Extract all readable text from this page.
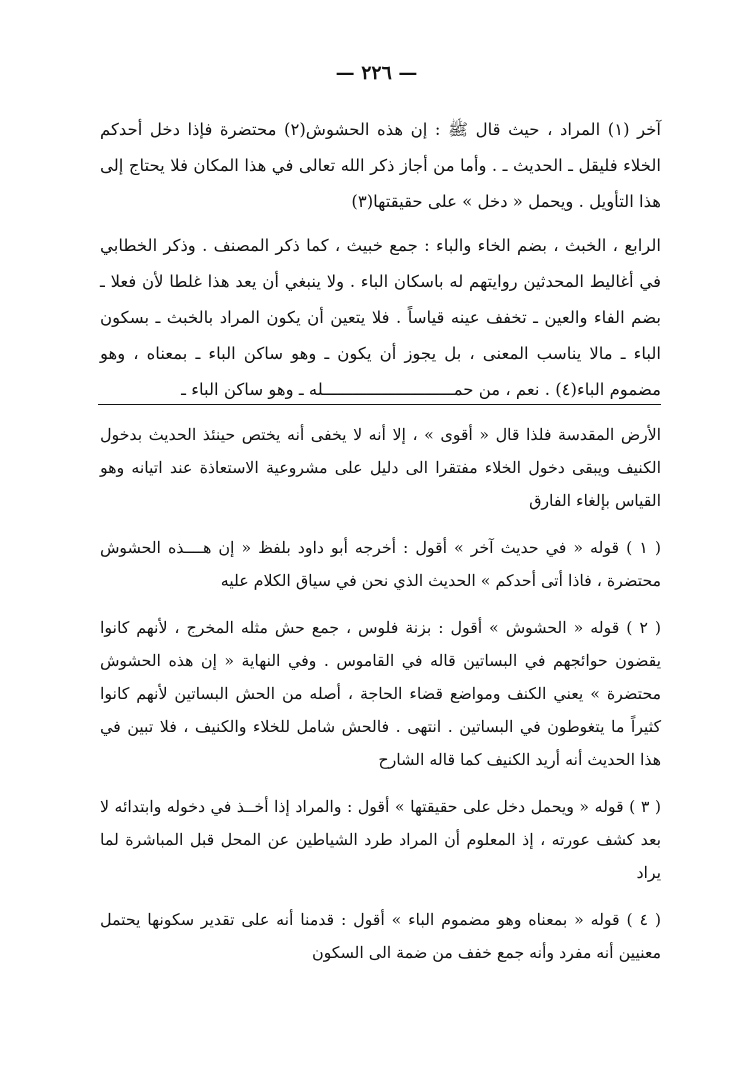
— ٢٢٦ —

آخر (١) المراد ، حيث قال ﷺ : إن هذه الحشوش(٢) محتضرة فإذا دخل أحدكم الخلاء فليقل ـ الحديث ـ . وأما من أجاز ذكر الله تعالى في هذا المكان فلا يحتاج إلى هذا التأويل . ويحمل « دخل » على حقيقتها(٣)

الرابع ، الخبث ، بضم الخاء والباء : جمع خبيث ، كما ذكر المصنف . وذكر الخطابي في أغاليط المحدثين روايتهم له باسكان الباء . ولا ينبغي أن يعد هذا غلطا لأن فعلا ـ بضم الفاء والعين ـ تخفف عينه قياساً . فلا يتعين أن يكون المراد بالخبث ـ بسكون الباء ـ مالا يناسب المعنى ، بل يجوز أن يكون ـ وهو ساكن الباء ـ بمعناه ، وهو مضموم الباء(٤) . نعم ، من حمـــــــــــــــــــــــــــله ـ وهو ساكن الباء ـ

الأرض المقدسة فلذا قال « أقوى » ، إلا أنه لا يخفى أنه يختص حينئذ الحديث بدخول الكنيف ويبقى دخول الخلاء مفتقرا الى دليل على مشروعية الاستعاذة عند اتيانه وهو القياس بإلغاء الفارق

( ١ ) قوله « في حديث آخر » أقول : أخرجه أبو داود بلفظ « إن هــــذه الحشوش محتضرة ، فاذا أتى أحدكم » الحديث الذي نحن في سياق الكلام عليه

( ٢ ) قوله « الحشوش » أقول : بزنة فلوس ، جمع حش مثله المخرج ، لأنهم كانوا يقضون حوائجهم في البساتين قاله في القاموس . وفي النهاية « إن هذه الحشوش محتضرة » يعني الكنف ومواضع قضاء الحاجة ، أصله من الحش البساتين لأنهم كانوا كثيراً ما يتغوطون في البساتين . انتهى . فالحش شامل للخلاء والكنيف ، فلا تبين في هذا الحديث أنه أريد الكنيف كما قاله الشارح

( ٣ ) قوله « ويحمل دخل على حقيقتها » أقول : والمراد إذا أخــذ في دخوله وابتدائه لا بعد كشف عورته ، إذ المعلوم أن المراد طرد الشياطين عن المحل قبل المباشرة لما يراد

( ٤ ) قوله « بمعناه وهو مضموم الباء » أقول : قدمنا أنه على تقدير سكونها يحتمل معنيين أنه مفرد وأنه جمع خفف من ضمة الى السكون
